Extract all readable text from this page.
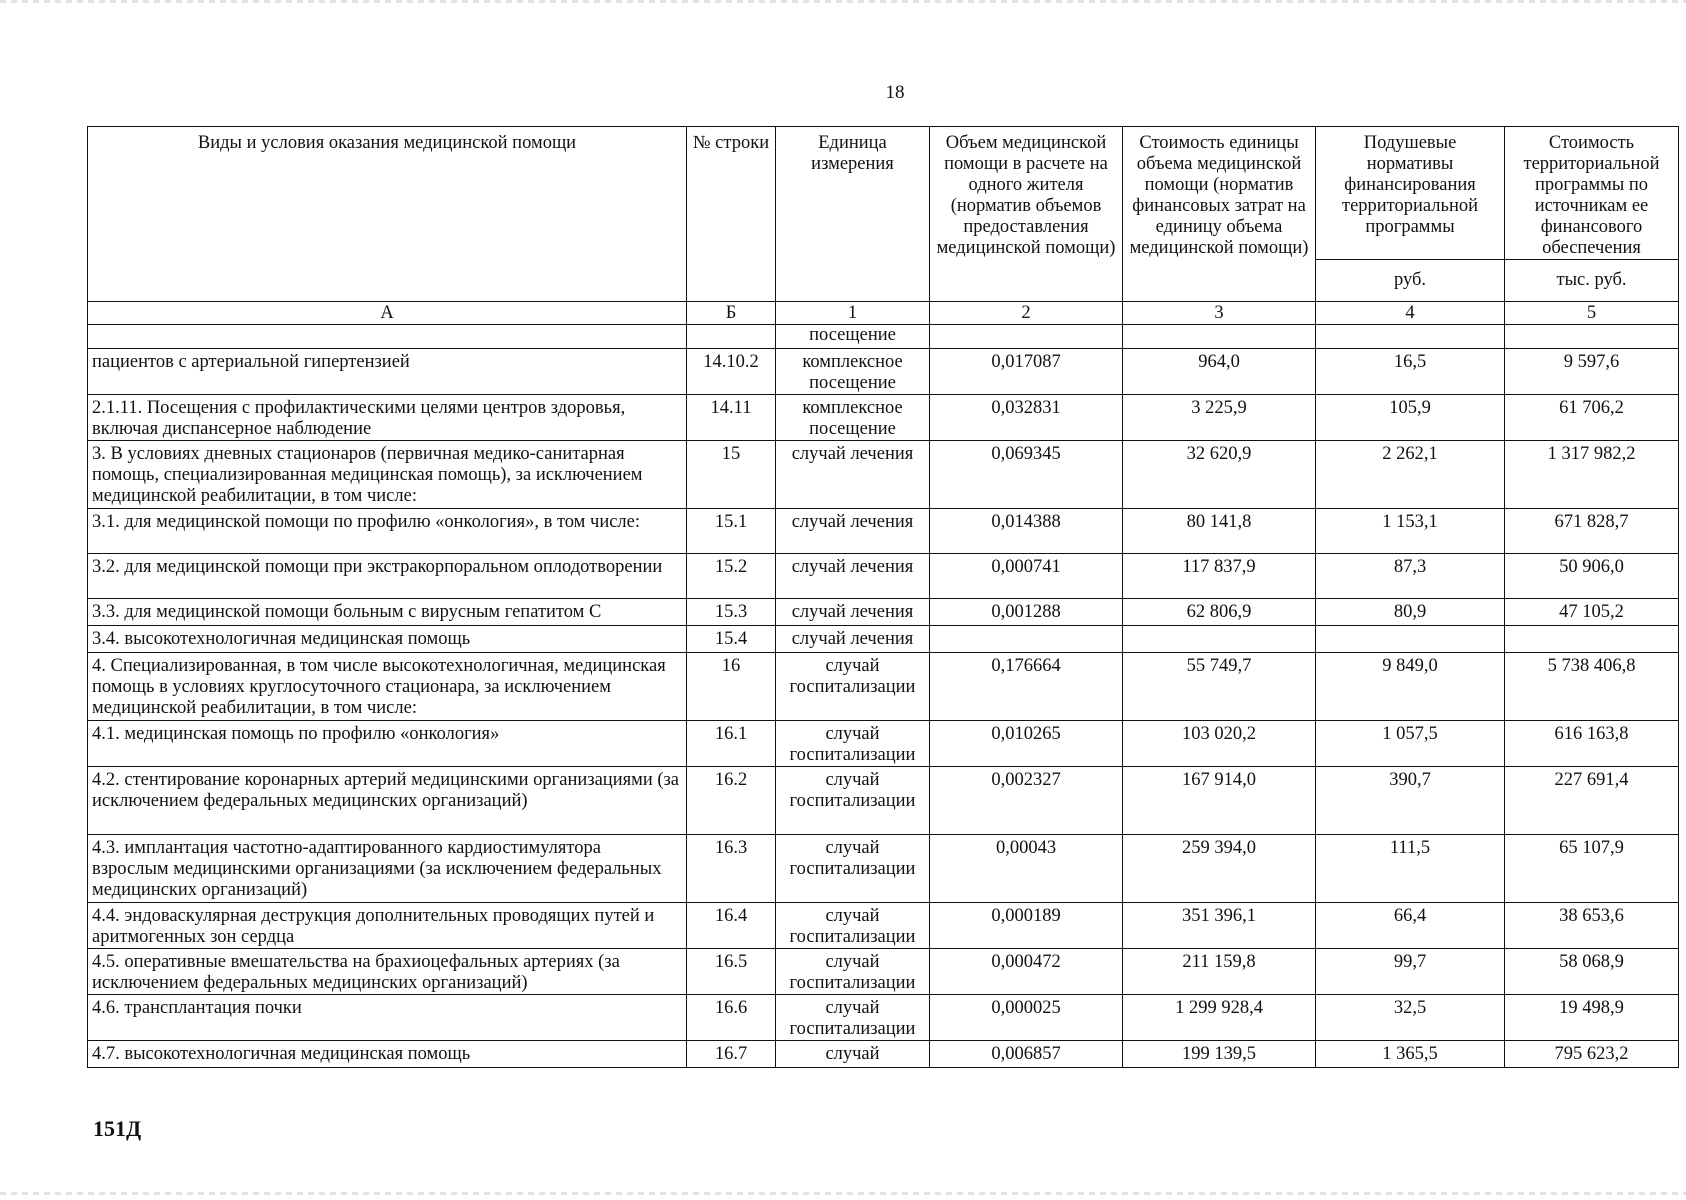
18
Виды и условия оказания медицинской помощи	№ строки	Единица измерения	Объем медицинской помощи в расчете на одного жителя (норматив объемов предоставления медицинской помощи)	Стоимость единицы объема медицинской помощи (норматив финансовых затрат на единицу объема медицинской помощи)	Подушевые нормативы финансирования территориальной программы	Стоимость территориальной программы по источникам ее финансового обеспечения
					руб.	тыс. руб.
А	Б	1	2	3	4	5
		посещение				
пациентов с артериальной гипертензией	14.10.2	комплексное посещение	0,017087	964,0	16,5	9 597,6
2.1.11. Посещения с профилактическими целями центров здоровья, включая диспансерное наблюдение	14.11	комплексное посещение	0,032831	3 225,9	105,9	61 706,2
3. В условиях дневных стационаров (первичная медико-санитарная помощь, специализированная медицинская помощь), за исключением медицинской реабилитации, в том числе:	15	случай лечения	0,069345	32 620,9	2 262,1	1 317 982,2
3.1. для медицинской помощи по профилю «онкология», в том числе:	15.1	случай лечения	0,014388	80 141,8	1 153,1	671 828,7
3.2. для медицинской помощи при экстракорпоральном оплодотворении	15.2	случай лечения	0,000741	117 837,9	87,3	50 906,0
3.3. для медицинской помощи больным с вирусным гепатитом С	15.3	случай лечения	0,001288	62 806,9	80,9	47 105,2
3.4. высокотехнологичная медицинская помощь	15.4	случай лечения				
4. Специализированная, в том числе высокотехнологичная, медицинская помощь в условиях круглосуточного стационара, за исключением медицинской реабилитации, в том числе:	16	случай госпитализации	0,176664	55 749,7	9 849,0	5 738 406,8
4.1. медицинская помощь по профилю «онкология»	16.1	случай госпитализации	0,010265	103 020,2	1 057,5	616 163,8
4.2. стентирование коронарных артерий медицинскими организациями (за исключением федеральных медицинских организаций)	16.2	случай госпитализации	0,002327	167 914,0	390,7	227 691,4
4.3. имплантация частотно-адаптированного кардиостимулятора взрослым медицинскими организациями (за исключением федеральных медицинских организаций)	16.3	случай госпитализации	0,00043	259 394,0	111,5	65 107,9
4.4. эндоваскулярная деструкция дополнительных проводящих путей и аритмогенных зон сердца	16.4	случай госпитализации	0,000189	351 396,1	66,4	38 653,6
4.5. оперативные вмешательства на брахиоцефальных артериях (за исключением федеральных медицинских организаций)	16.5	случай госпитализации	0,000472	211 159,8	99,7	58 068,9
4.6. трансплантация почки	16.6	случай госпитализации	0,000025	1 299 928,4	32,5	19 498,9
4.7. высокотехнологичная медицинская помощь	16.7	случай	0,006857	199 139,5	1 365,5	795 623,2
151Д
